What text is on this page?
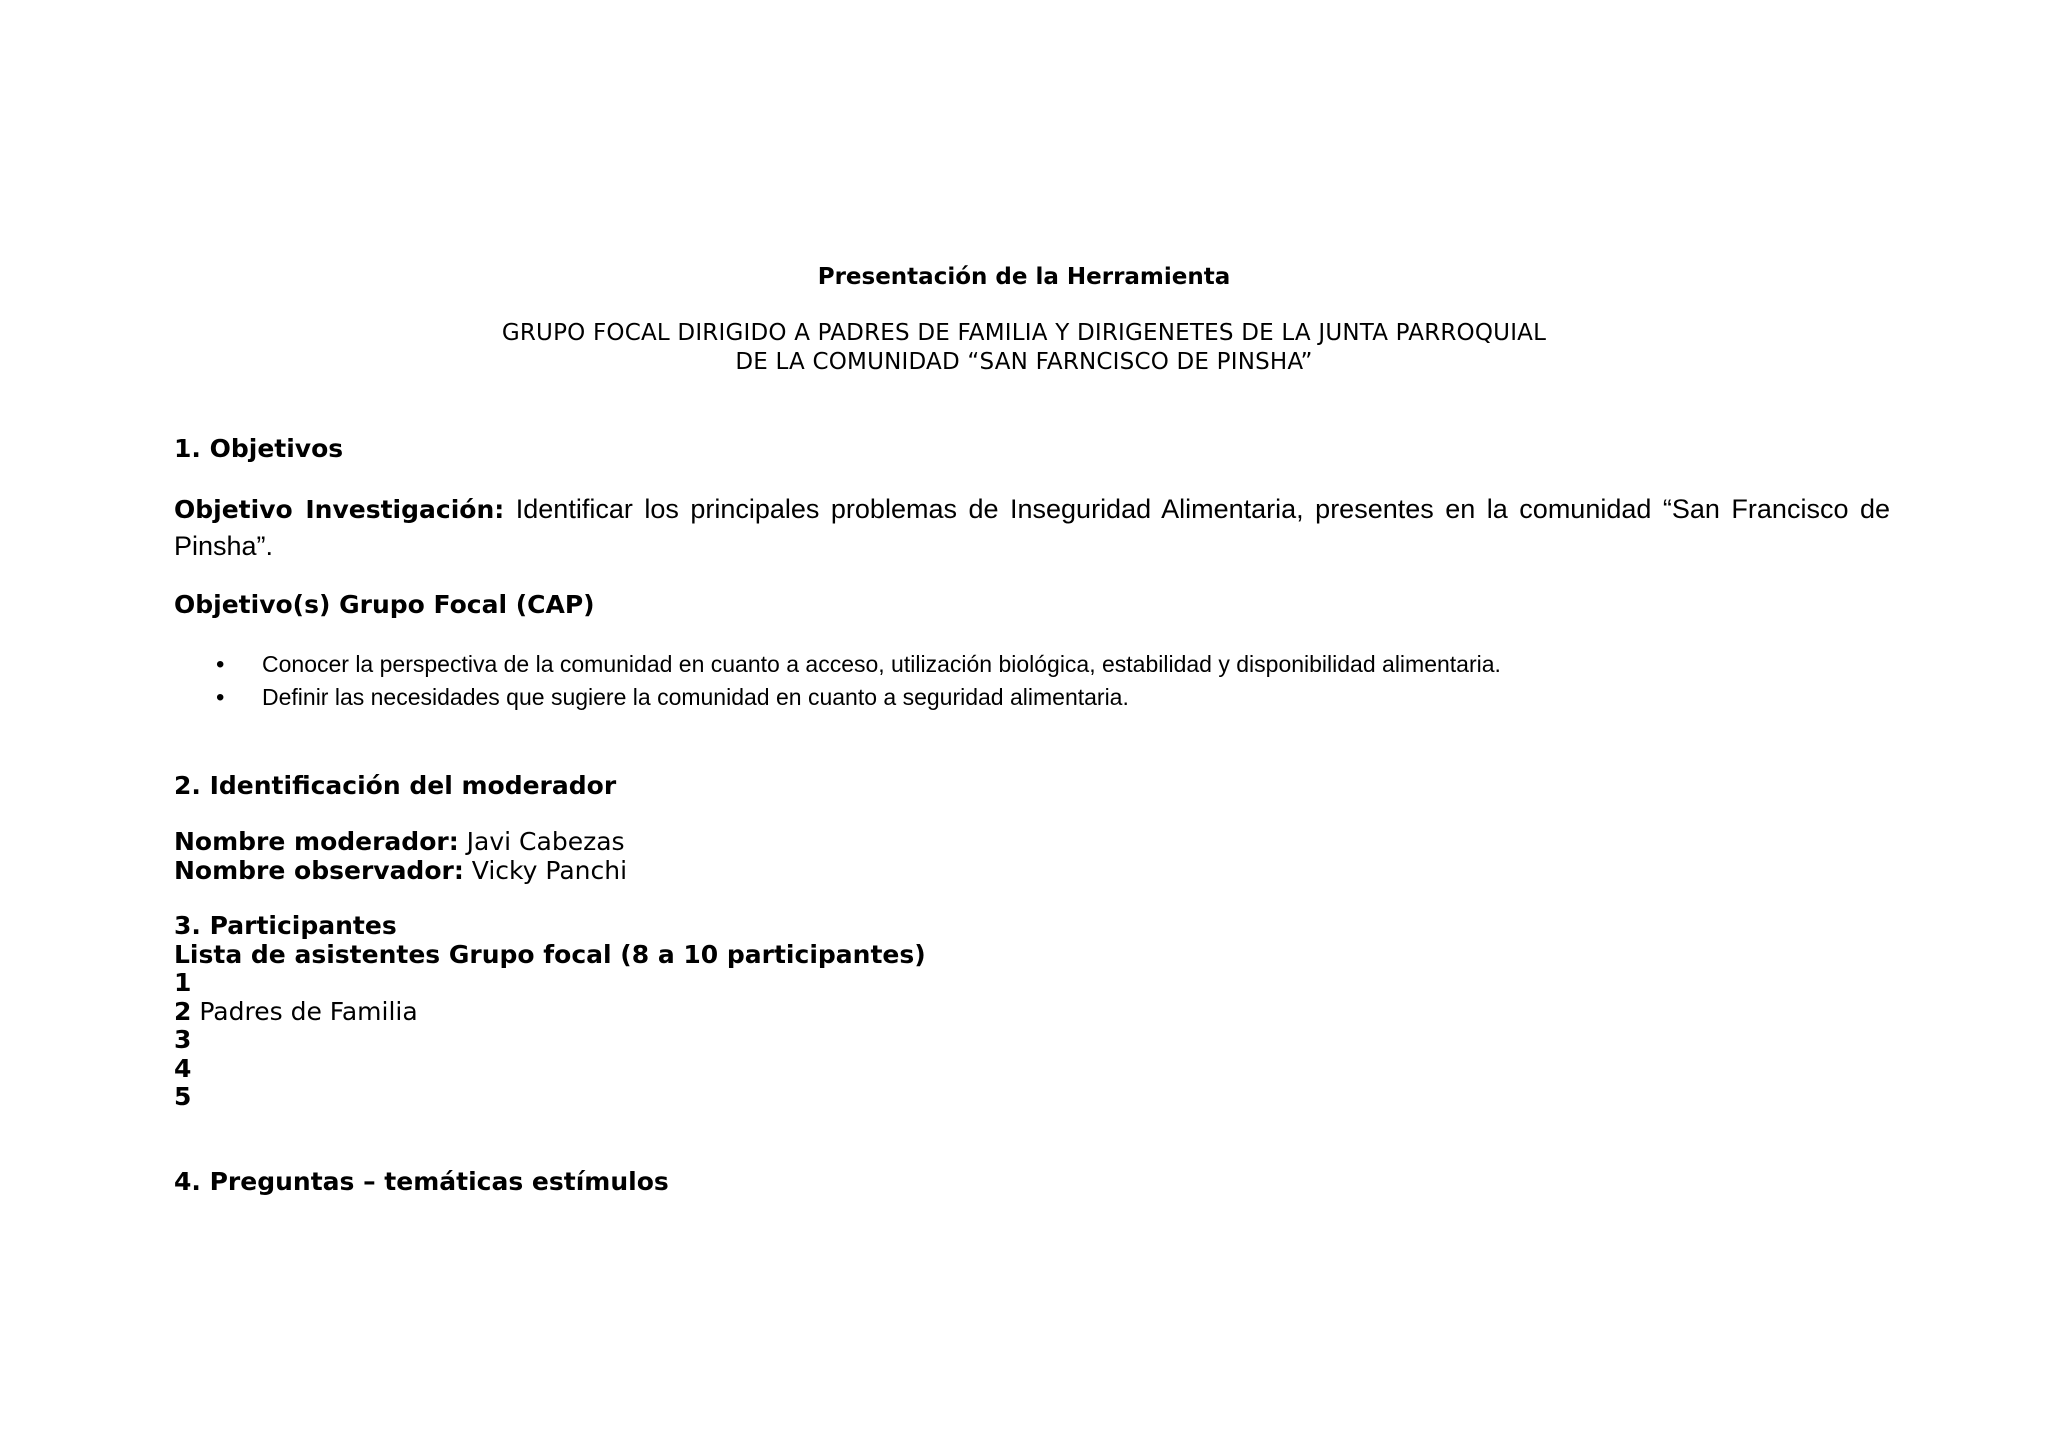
Presentación de la Herramienta
GRUPO FOCAL DIRIGIDO A PADRES DE FAMILIA Y DIRIGENETES DE LA JUNTA PARROQUIAL
DE LA COMUNIDAD “SAN FARNCISCO DE PINSHA”
1. Objetivos
Objetivo Investigación: Identificar los principales problemas de Inseguridad Alimentaria, presentes en la comunidad “San Francisco de Pinsha”.
Objetivo(s) Grupo Focal (CAP)
• Conocer la perspectiva de la comunidad en cuanto a acceso, utilización biológica, estabilidad y disponibilidad alimentaria.
• Definir las necesidades que sugiere la comunidad en cuanto a seguridad alimentaria.
2. Identificación del moderador
Nombre moderador: Javi Cabezas
Nombre observador: Vicky Panchi
3. Participantes
Lista de asistentes Grupo focal (8 a 10 participantes)
1
2 Padres de Familia
3
4
5
4. Preguntas – temáticas estímulos
